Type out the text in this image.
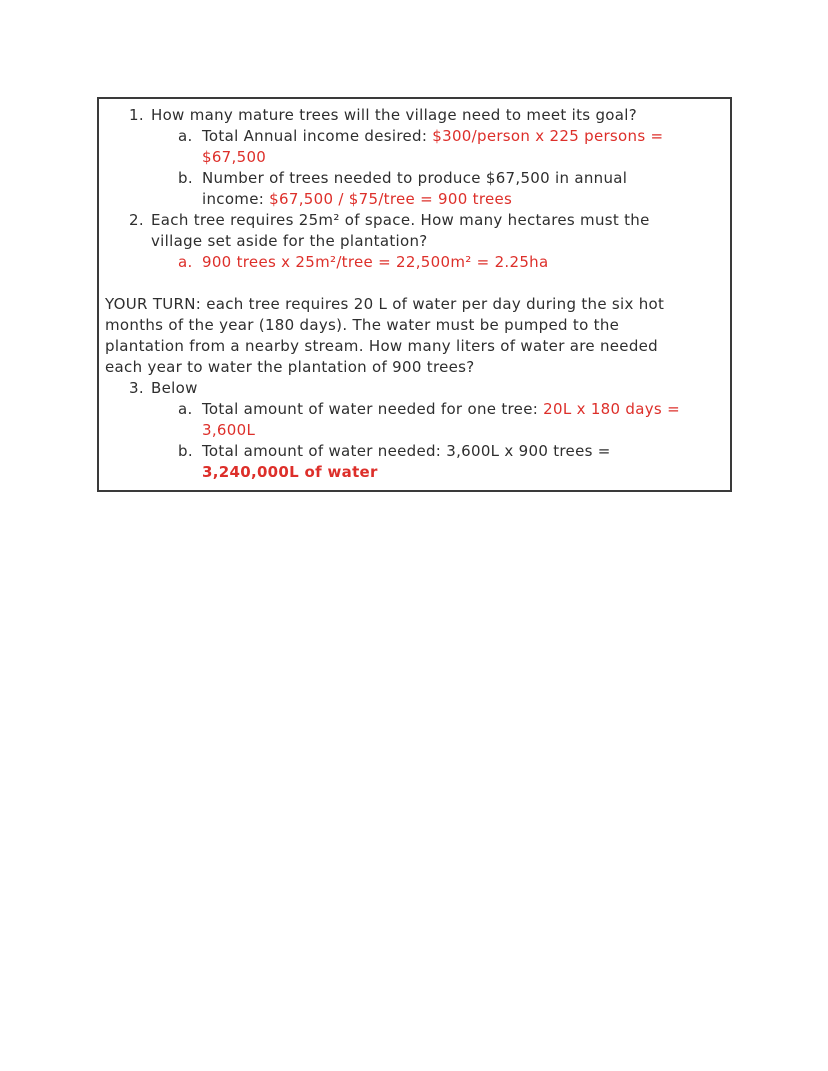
1. How many mature trees will the village need to meet its goal?
a. Total Annual income desired: $300/person x 225 persons =
$67,500
b. Number of trees needed to produce $67,500 in annual
income: $67,500 / $75/tree = 900 trees
2. Each tree requires 25m² of space. How many hectares must the
village set aside for the plantation?
a. 900 trees x 25m²/tree = 22,500m² = 2.25ha
YOUR TURN: each tree requires 20 L of water per day during the six hot
months of the year (180 days). The water must be pumped to the
plantation from a nearby stream. How many liters of water are needed
each year to water the plantation of 900 trees?
3. Below
a. Total amount of water needed for one tree: 20L x 180 days =
3,600L
b. Total amount of water needed: 3,600L x 900 trees =
3,240,000L of water
